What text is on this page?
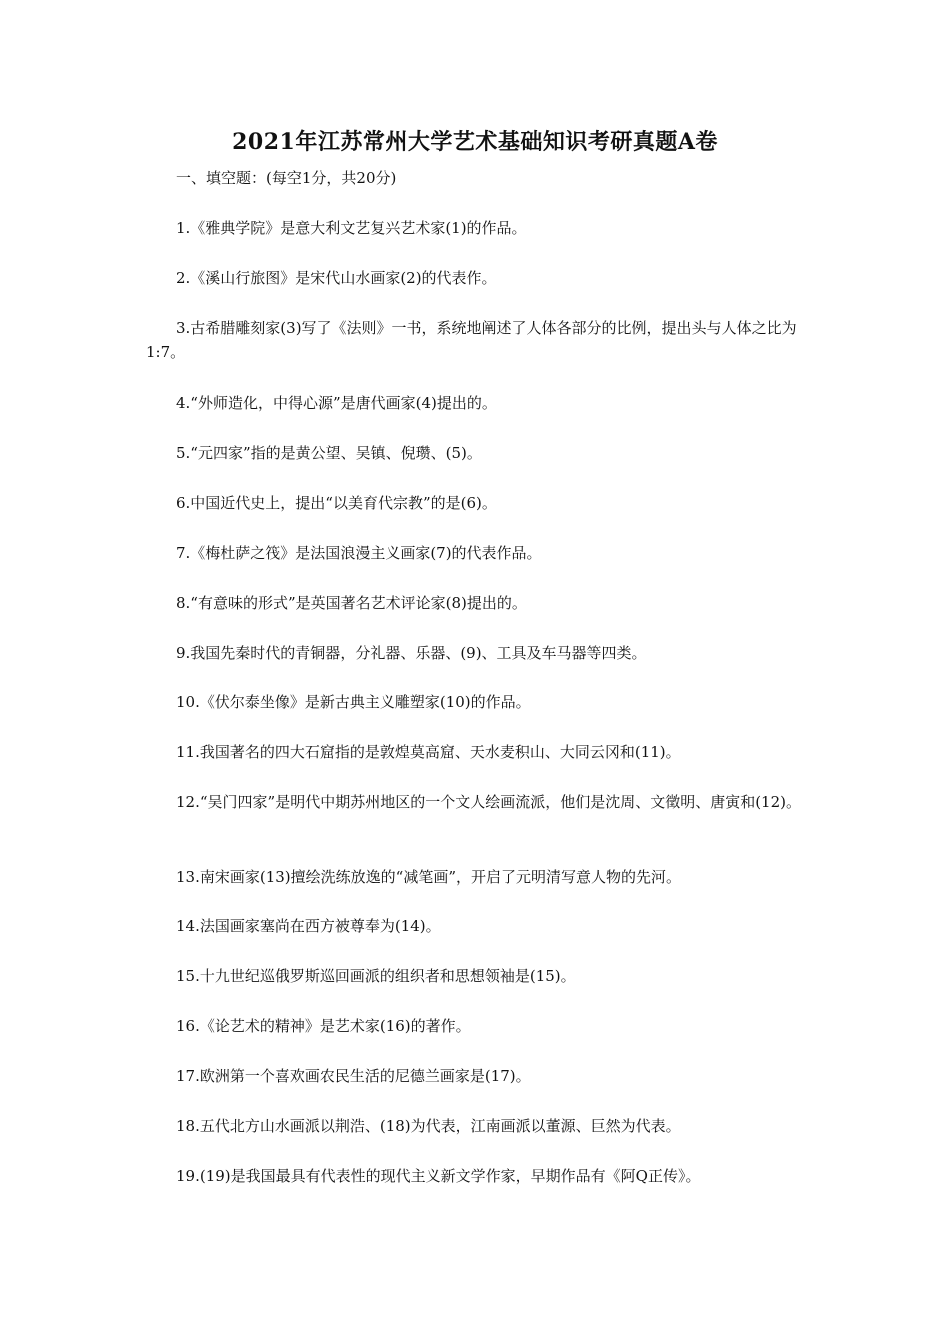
2021年江苏常州大学艺术基础知识考研真题A卷
一、填空题：(每空1分，共20分)
1.《雅典学院》是意大利文艺复兴艺术家(1)的作品。
2.《溪山行旅图》是宋代山水画家(2)的代表作。
3.古希腊雕刻家(3)写了《法则》一书，系统地阐述了人体各部分的比例，提出头与人体之比为1:7。
4.“外师造化，中得心源”是唐代画家(4)提出的。
5.“元四家”指的是黄公望、吴镇、倪瓒、(5)。
6.中国近代史上，提出“以美育代宗教”的是(6)。
7.《梅杜萨之筏》是法国浪漫主义画家(7)的代表作品。
8.“有意味的形式”是英国著名艺术评论家(8)提出的。
9.我国先秦时代的青铜器，分礼器、乐器、(9)、工具及车马器等四类。
10.《伏尔泰坐像》是新古典主义雕塑家(10)的作品。
11.我国著名的四大石窟指的是敦煌莫高窟、天水麦积山、大同云冈和(11)。
12.“吴门四家”是明代中期苏州地区的一个文人绘画流派，他们是沈周、文徵明、唐寅和(12)。
13.南宋画家(13)擅绘洗练放逸的“减笔画”，开启了元明清写意人物的先河。
14.法国画家塞尚在西方被尊奉为(14)。
15.十九世纪巡俄罗斯巡回画派的组织者和思想领袖是(15)。
16.《论艺术的精神》是艺术家(16)的著作。
17.欧洲第一个喜欢画农民生活的尼德兰画家是(17)。
18.五代北方山水画派以荆浩、(18)为代表，江南画派以董源、巨然为代表。
19.(19)是我国最具有代表性的现代主义新文学作家，早期作品有《阿Q正传》。
